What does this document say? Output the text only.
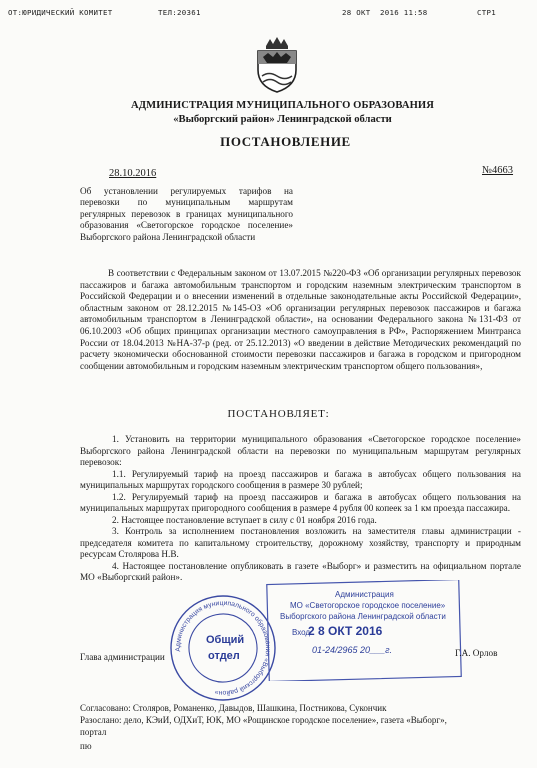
ОТ:ЮРИДИЧЕСКИЙ КОМИТЕТ	ТЕЛ:20361	28 ОКТ  2016 11:58	СТР1
АДМИНИСТРАЦИЯ МУНИЦИПАЛЬНОГО ОБРАЗОВАНИЯ
«Выборгский район» Ленинградской области
ПОСТАНОВЛЕНИЕ
28.10.2016	№4663
Об установлении регулируемых тарифов на перевозки по муниципальным маршрутам регулярных перевозок в границах муниципального образования «Светогорское городское поселение» Выборгского района Ленинградской области
В соответствии с Федеральным законом от 13.07.2015 №220-ФЗ «Об организации регулярных перевозок пассажиров и багажа автомобильным транспортом и городским наземным электрическим транспортом в Российской Федерации и о внесении изменений в отдельные законодательные акты Российской Федерации», областным законом от 28.12.2015 №145-ОЗ «Об организации регулярных перевозок пассажиров и багажа автомобильным транспортом в Ленинградской области», на основании Федерального закона №131-ФЗ от 06.10.2003 «Об общих принципах организации местного самоуправления в РФ», Распоряжением Минтранса России от 18.04.2013 №НА-37-р (ред. от 25.12.2013) «О введении в действие Методических рекомендаций по расчету экономически обоснованной стоимости перевозки пассажиров и багажа в городском и пригородном сообщении автомобильным и городским наземным электрическим транспортом общего пользования»,
ПОСТАНОВЛЯЕТ:

1. Установить на территории муниципального образования «Светогорское городское поселение» Выборгского района Ленинградской области на перевозки по муниципальным маршрутам регулярных перевозок:

1.1. Регулируемый тариф на проезд пассажиров и багажа в автобусах общего пользования на муниципальных маршрутах городского сообщения в размере 30 рублей;

1.2. Регулируемый тариф на проезд пассажиров и багажа в автобусах общего пользования на муниципальных маршрутах пригородного сообщения в размере 4 рубля 00 копеек за 1 км проезда пассажира.

2. Настоящее постановление вступает в силу с 01 ноября 2016 года.

3. Контроль за исполнением постановления возложить на заместителя главы администрации - председателя комитета по капитальному строительству, дорожному хозяйству, транспорту и природным ресурсам Столярова Н.В.

4. Настоящее постановление опубликовать в газете «Выборг» и разместить на официальном портале МО «Выборгский район».

Администрация муниципального образования «Выборгский район»
Общий
отдел
Администрация
МО «Светогорское городское поселение»
Выборгского района Ленинградской области
Вход.
2 8 ОКТ 2016
01-24/2965 20___г.
Глава администрации	Г.А. Орлов
Согласовано: Столяров, Романенко, Давыдов, Шашкина, Постникова, Сукончик
Разослано: дело, КЭиИ, ОДХиТ, ЮК, МО «Рощинское городское поселение», газета «Выборг»,
портал
пю
